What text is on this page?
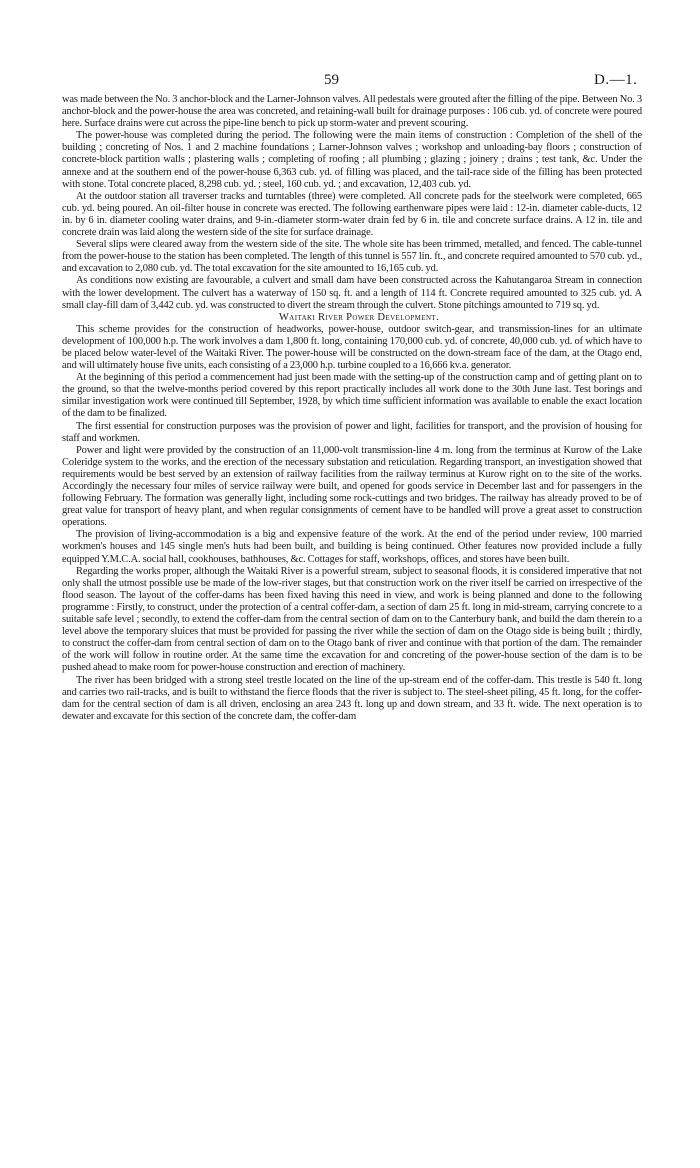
59	D.—1.

was made between the No. 3 anchor-block and the Larner-Johnson valves. All pedestals were grouted after the filling of the pipe. Between No. 3 anchor-block and the power-house the area was concreted, and retaining-wall built for drainage purposes : 106 cub. yd. of concrete were poured here. Surface drains were cut across the pipe-line bench to pick up storm-water and prevent scouring.

The power-house was completed during the period. The following were the main items of construction : Completion of the shell of the building ; concreting of Nos. 1 and 2 machine foundations ; Larner-Johnson valves ; workshop and unloading-bay floors ; construction of concrete-block partition walls ; plastering walls ; completing of roofing ; all plumbing ; glazing ; joinery ; drains ; test tank, &c. Under the annexe and at the southern end of the power-house 6,363 cub. yd. of filling was placed, and the tail-race side of the filling has been protected with stone. Total concrete placed, 8,298 cub. yd. ; steel, 160 cub. yd. ; and excavation, 12,403 cub. yd.

At the outdoor station all traverser tracks and turntables (three) were completed. All concrete pads for the steelwork were completed, 665 cub. yd. being poured. An oil-filter house in concrete was erected. The following earthenware pipes were laid : 12-in. diameter cable-ducts, 12 in. by 6 in. diameter cooling water drains, and 9-in.-diameter storm-water drain fed by 6 in. tile and concrete surface drains. A 12 in. tile and concrete drain was laid along the western side of the site for surface drainage.

Several slips were cleared away from the western side of the site. The whole site has been trimmed, metalled, and fenced. The cable-tunnel from the power-house to the station has been completed. The length of this tunnel is 557 lin. ft., and concrete required amounted to 570 cub. yd., and excavation to 2,080 cub. yd. The total excavation for the site amounted to 16,165 cub. yd.

As conditions now existing are favourable, a culvert and small dam have been constructed across the Kahutangaroa Stream in connection with the lower development. The culvert has a waterway of 150 sq. ft. and a length of 114 ft. Concrete required amounted to 325 cub. yd. A small clay-fill dam of 3,442 cub. yd. was constructed to divert the stream through the culvert. Stone pitchings amounted to 719 sq. yd.

Waitaki River Power Development.

This scheme provides for the construction of headworks, power-house, outdoor switch-gear, and transmission-lines for an ultimate development of 100,000 h.p. The work involves a dam 1,800 ft. long, containing 170,000 cub. yd. of concrete, 40,000 cub. yd. of which have to be placed below water-level of the Waitaki River. The power-house will be constructed on the down-stream face of the dam, at the Otago end, and will ultimately house five units, each consisting of a 23,000 h.p. turbine coupled to a 16,666 kv.a. generator.

At the beginning of this period a commencement had just been made with the setting-up of the construction camp and of getting plant on to the ground, so that the twelve-months period covered by this report practically includes all work done to the 30th June last. Test borings and similar investigation work were continued till September, 1928, by which time sufficient information was available to enable the exact location of the dam to be finalized.

The first essential for construction purposes was the provision of power and light, facilities for transport, and the provision of housing for staff and workmen.

Power and light were provided by the construction of an 11,000-volt transmission-line 4 m. long from the terminus at Kurow of the Lake Coleridge system to the works, and the erection of the necessary substation and reticulation. Regarding transport, an investigation showed that requirements would be best served by an extension of railway facilities from the railway terminus at Kurow right on to the site of the works. Accordingly the necessary four miles of service railway were built, and opened for goods service in December last and for passengers in the following February. The formation was generally light, including some rock-cuttings and two bridges. The railway has already proved to be of great value for transport of heavy plant, and when regular consignments of cement have to be handled will prove a great asset to construction operations.

The provision of living-accommodation is a big and expensive feature of the work. At the end of the period under review, 100 married workmen's houses and 145 single men's huts had been built, and building is being continued. Other features now provided include a fully equipped Y.M.C.A. social hall, cookhouses, bathhouses, &c. Cottages for staff, workshops, offices, and stores have been built.

Regarding the works proper, although the Waitaki River is a powerful stream, subject to seasonal floods, it is considered imperative that not only shall the utmost possible use be made of the low-river stages, but that construction work on the river itself be carried on irrespective of the flood season. The layout of the coffer-dams has been fixed having this need in view, and work is being planned and done to the following programme : Firstly, to construct, under the protection of a central coffer-dam, a section of dam 25 ft. long in mid-stream, carrying concrete to a suitable safe level ; secondly, to extend the coffer-dam from the central section of dam on to the Canterbury bank, and build the dam therein to a level above the temporary sluices that must be provided for passing the river while the section of dam on the Otago side is being built ; thirdly, to construct the coffer-dam from central section of dam on to the Otago bank of river and continue with that portion of the dam. The remainder of the work will follow in routine order. At the same time the excavation for and concreting of the power-house section of the dam is to be pushed ahead to make room for power-house construction and erection of machinery.

The river has been bridged with a strong steel trestle located on the line of the up-stream end of the coffer-dam. This trestle is 540 ft. long and carries two rail-tracks, and is built to withstand the fierce floods that the river is subject to. The steel-sheet piling, 45 ft. long, for the coffer-dam for the central section of dam is all driven, enclosing an area 243 ft. long up and down stream, and 33 ft. wide. The next operation is to dewater and excavate for this section of the concrete dam, the coffer-dam
